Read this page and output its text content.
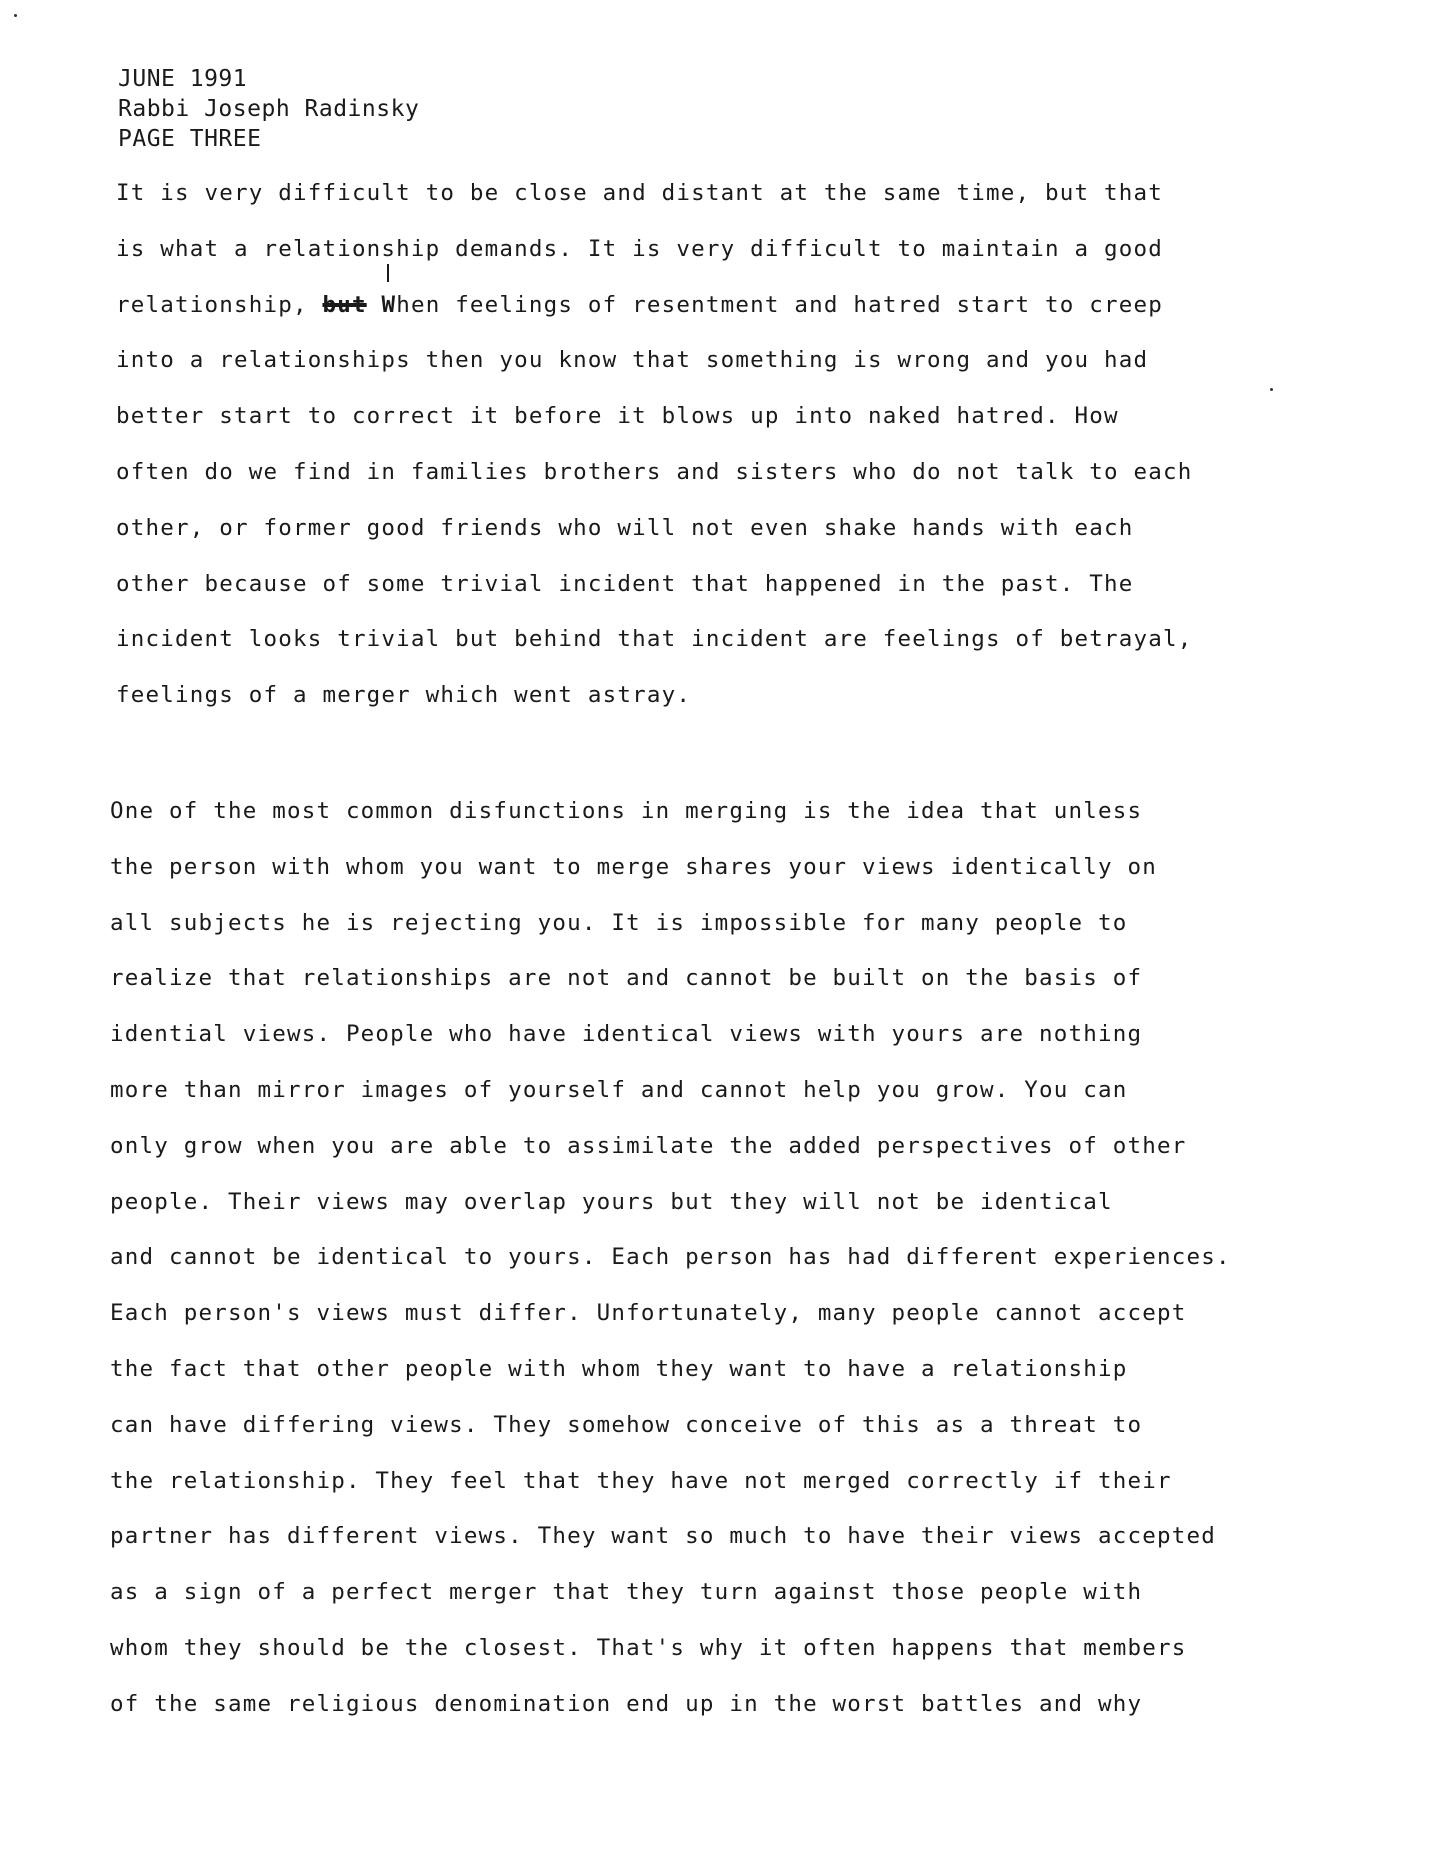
JUNE 1991
Rabbi Joseph Radinsky
PAGE THREE
It is very difficult to be close and distant at the same time, but that
is what a relationship demands. It is very difficult to maintain a good
relationship, but When feelings of resentment and hatred start to creep
into a relationships then you know that something is wrong and you had
better start to correct it before it blows up into naked hatred. How
often do we find in families brothers and sisters who do not talk to each
other, or former good friends who will not even shake hands with each
other because of some trivial incident that happened in the past. The
incident looks trivial but behind that incident are feelings of betrayal,
feelings of a merger which went astray.
One of the most common disfunctions in merging is the idea that unless
the person with whom you want to merge shares your views identically on
all subjects he is rejecting you. It is impossible for many people to
realize that relationships are not and cannot be built on the basis of
idential views. People who have identical views with yours are nothing
more than mirror images of yourself and cannot help you grow. You can
only grow when you are able to assimilate the added perspectives of other
people. Their views may overlap yours but they will not be identical
and cannot be identical to yours. Each person has had different experiences.
Each person's views must differ. Unfortunately, many people cannot accept
the fact that other people with whom they want to have a relationship
can have differing views. They somehow conceive of this as a threat to
the relationship. They feel that they have not merged correctly if their
partner has different views. They want so much to have their views accepted
as a sign of a perfect merger that they turn against those people with
whom they should be the closest. That's why it often happens that members
of the same religious denomination end up in the worst battles and why
